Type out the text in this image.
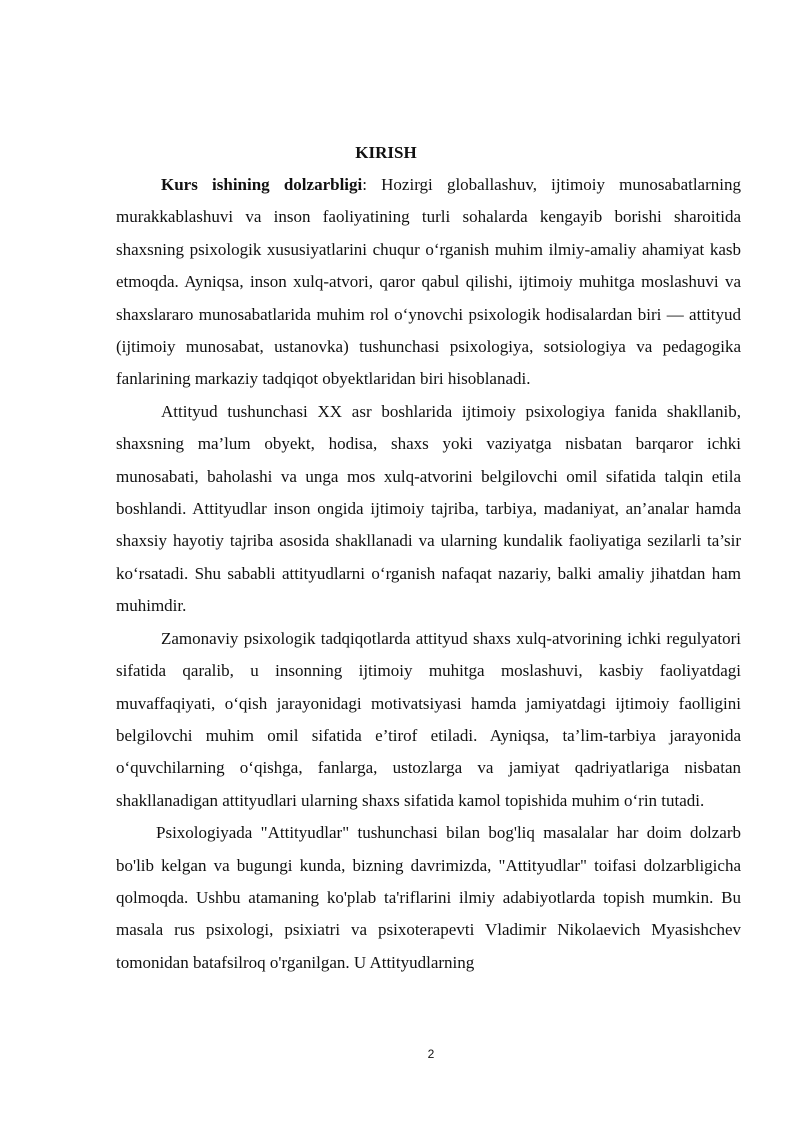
KIRISH

Kurs ishining dolzarbligi: Hozirgi globallashuv, ijtimoiy munosabatlarning murakkablashuvi va inson faoliyatining turli sohalarda kengayib borishi sharoitida shaxsning psixologik xususiyatlarini chuqur o‘rganish muhim ilmiy-amaliy ahamiyat kasb etmoqda. Ayniqsa, inson xulq-atvori, qaror qabul qilishi, ijtimoiy muhitga moslashuvi va shaxslararo munosabatlarida muhim rol o‘ynovchi psixologik hodisalardan biri — attityud (ijtimoiy munosabat, ustanovka) tushunchasi psixologiya, sotsiologiya va pedagogika fanlarining markaziy tadqiqot obyektlaridan biri hisoblanadi.

Attityud tushunchasi XX asr boshlarida ijtimoiy psixologiya fanida shakllanib, shaxsning ma’lum obyekt, hodisa, shaxs yoki vaziyatga nisbatan barqaror ichki munosabati, baholashi va unga mos xulq-atvorini belgilovchi omil sifatida talqin etila boshlandi. Attityudlar inson ongida ijtimoiy tajriba, tarbiya, madaniyat, an’analar hamda shaxsiy hayotiy tajriba asosida shakllanadi va ularning kundalik faoliyatiga sezilarli ta’sir ko‘rsatadi. Shu sababli attityudlarni o‘rganish nafaqat nazariy, balki amaliy jihatdan ham muhimdir.

Zamonaviy psixologik tadqiqotlarda attityud shaxs xulq-atvorining ichki regulyatori sifatida qaralib, u insonning ijtimoiy muhitga moslashuvi, kasbiy faoliyatdagi muvaffaqiyati, o‘qish jarayonidagi motivatsiyasi hamda jamiyatdagi ijtimoiy faolligini belgilovchi muhim omil sifatida e’tirof etiladi. Ayniqsa, ta’lim-tarbiya jarayonida o‘quvchilarning o‘qishga, fanlarga, ustozlarga va jamiyat qadriyatlariga nisbatan shakllanadigan attityudlari ularning shaxs sifatida kamol topishida muhim o‘rin tutadi.

Psixologiyada "Attityudlar" tushunchasi bilan bog'liq masalalar har doim dolzarb bo'lib kelgan va bugungi kunda, bizning davrimizda, "Attityudlar" toifasi dolzarbligicha qolmoqda. Ushbu atamaning ko'plab ta'riflarini ilmiy adabiyotlarda topish mumkin. Bu masala rus psixologi, psixiatri va psixoterapevti Vladimir Nikolaevich Myasishchev tomonidan batafsilroq o'rganilgan. U Attityudlarning

2
